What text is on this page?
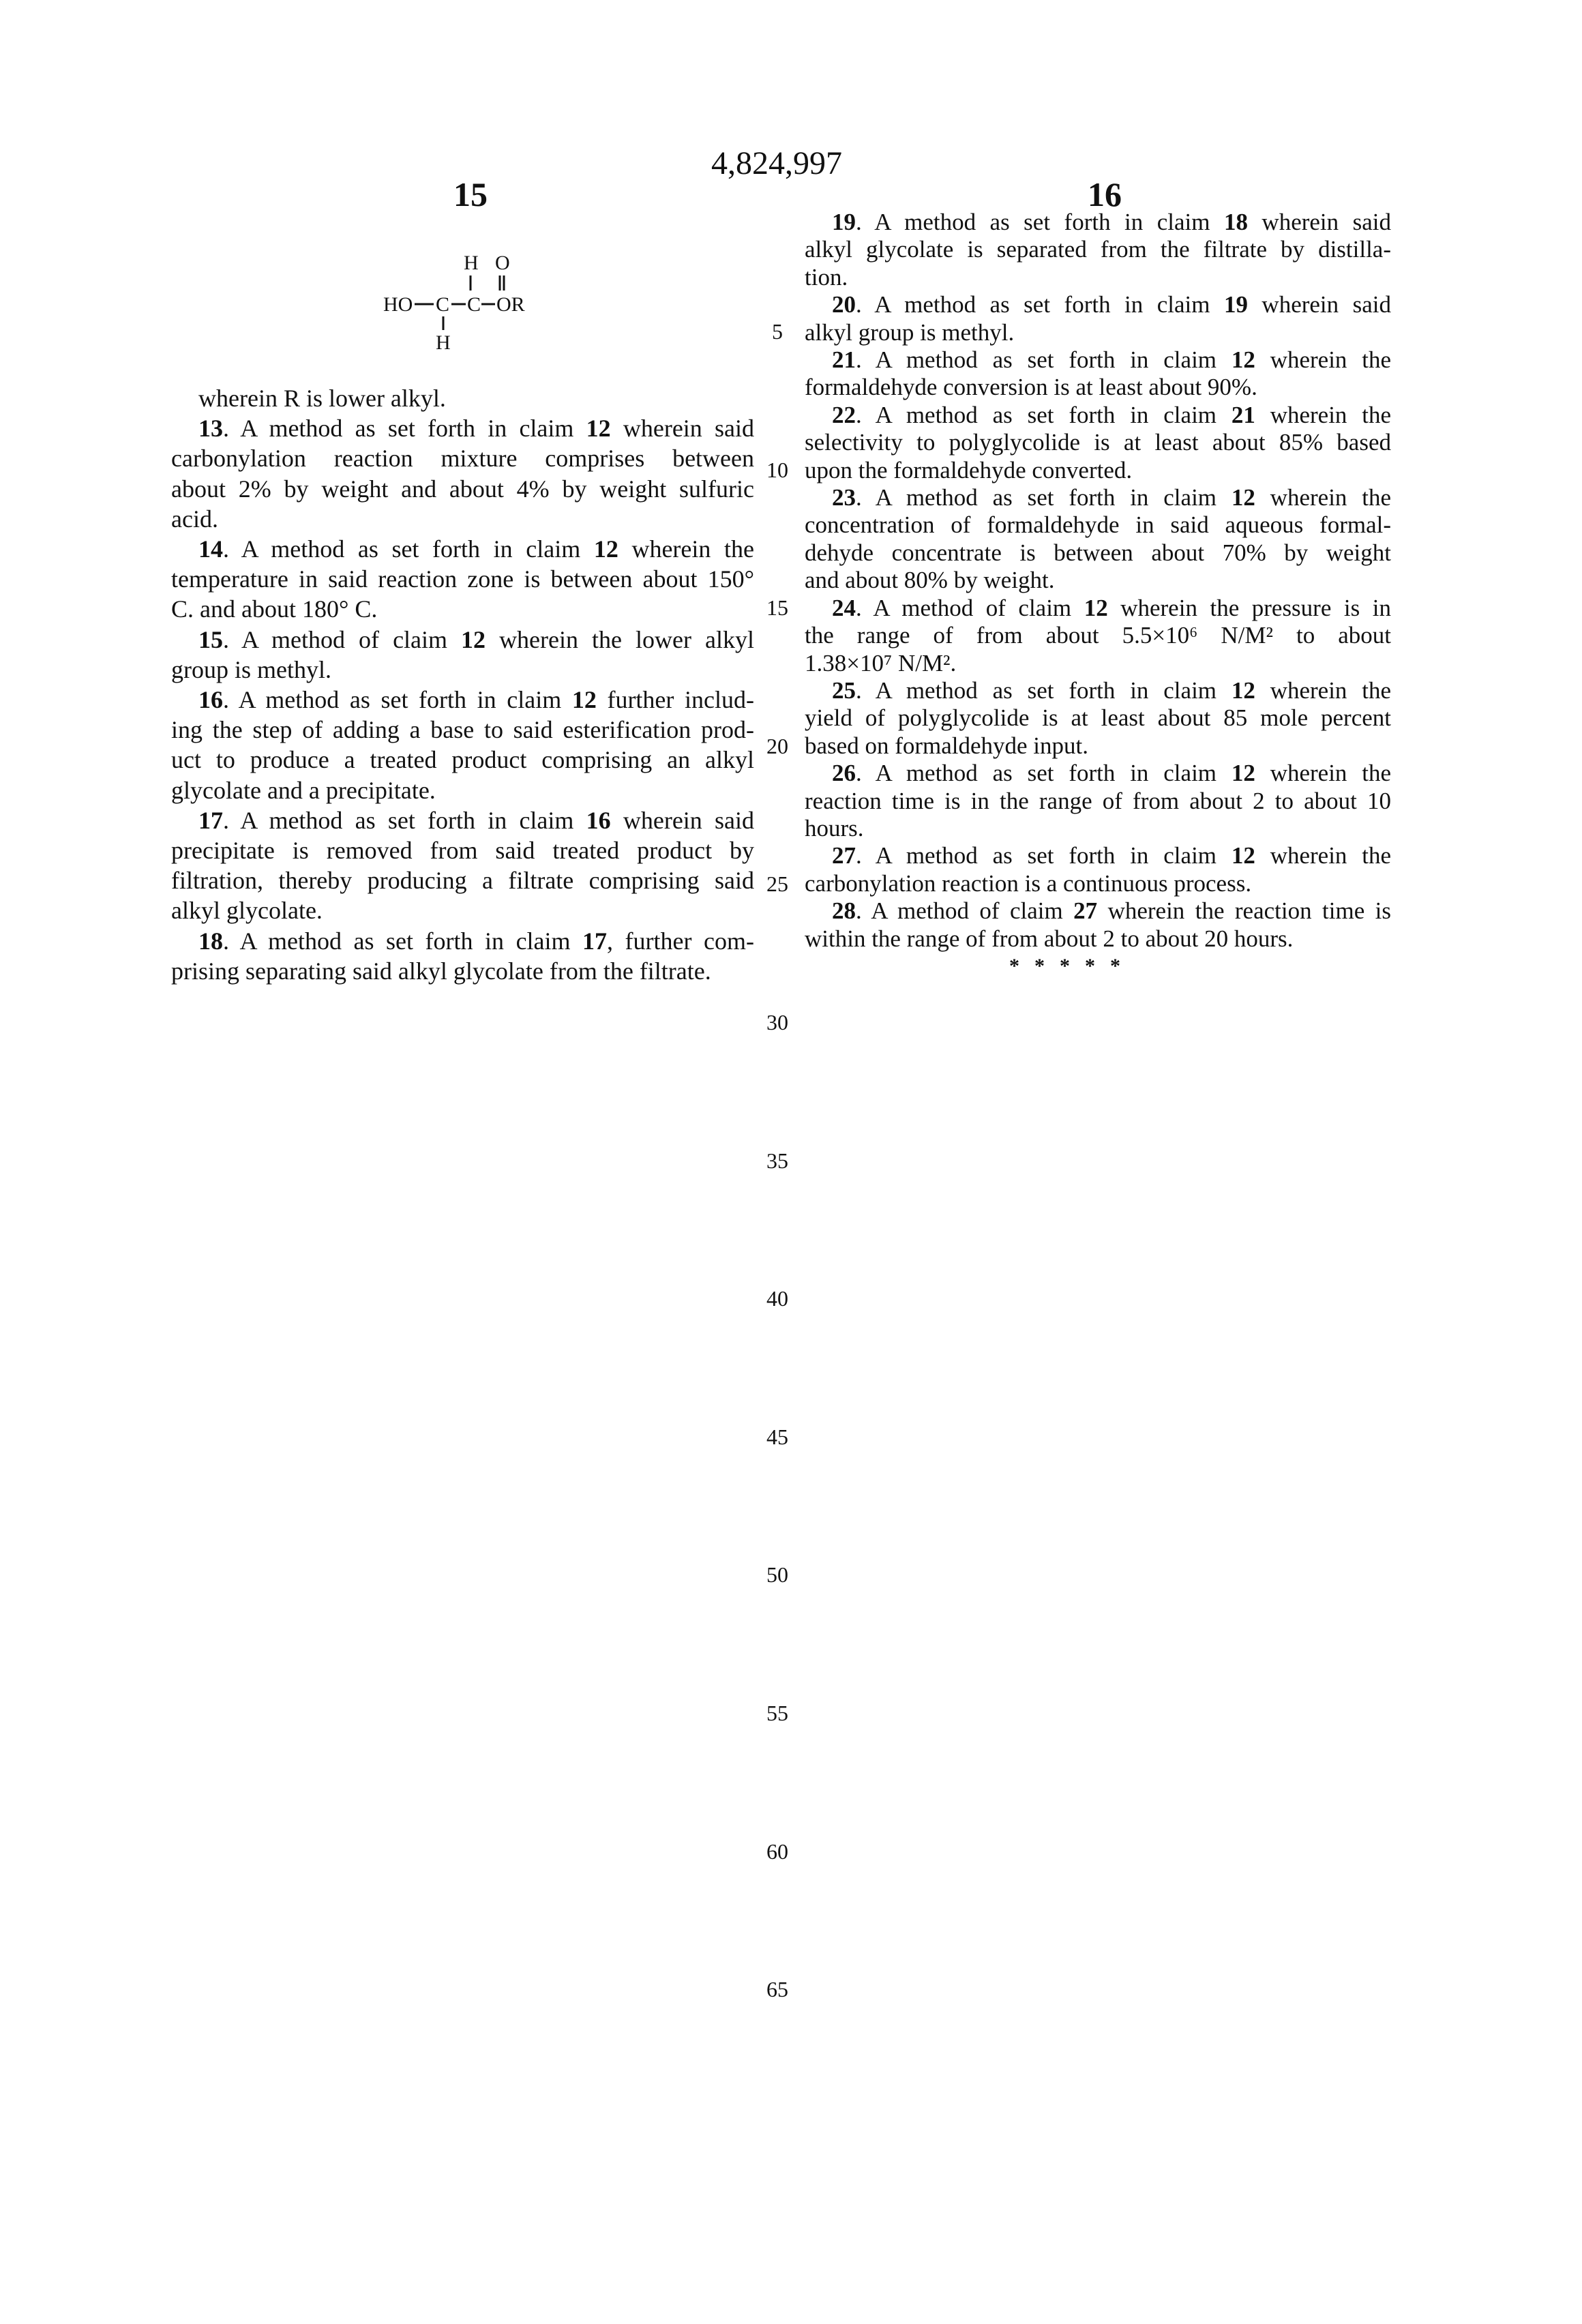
4,824,997
15	16
H O
HO C C OR
H
wherein R is lower alkyl.
13. A method as set forth in claim 12 wherein said
carbonylation reaction mixture comprises between
about 2% by weight and about 4% by weight sulfuric
acid.
14. A method as set forth in claim 12 wherein the
temperature in said reaction zone is between about 150°
C. and about 180° C.
15. A method of claim 12 wherein the lower alkyl
group is methyl.
16. A method as set forth in claim 12 further includ-
ing the step of adding a base to said esterification prod-
uct to produce a treated product comprising an alkyl
glycolate and a precipitate.
17. A method as set forth in claim 16 wherein said
precipitate is removed from said treated product by
filtration, thereby producing a filtrate comprising said
alkyl glycolate.
18. A method as set forth in claim 17, further com-
prising separating said alkyl glycolate from the filtrate.
19. A method as set forth in claim 18 wherein said
alkyl glycolate is separated from the filtrate by distilla-
tion.
20. A method as set forth in claim 19 wherein said
alkyl group is methyl.
21. A method as set forth in claim 12 wherein the
formaldehyde conversion is at least about 90%.
22. A method as set forth in claim 21 wherein the
selectivity to polyglycolide is at least about 85% based
upon the formaldehyde converted.
23. A method as set forth in claim 12 wherein the
concentration of formaldehyde in said aqueous formal-
dehyde concentrate is between about 70% by weight
and about 80% by weight.
24. A method of claim 12 wherein the pressure is in
the range of from about 5.5×10⁶ N/M² to about
1.38×10⁷ N/M².
25. A method as set forth in claim 12 wherein the
yield of polyglycolide is at least about 85 mole percent
based on formaldehyde input.
26. A method as set forth in claim 12 wherein the
reaction time is in the range of from about 2 to about 10
hours.
27. A method as set forth in claim 12 wherein the
carbonylation reaction is a continuous process.
28. A method of claim 27 wherein the reaction time is
within the range of from about 2 to about 20 hours.
5
10
15
20
25
30
35
40
45
50
55
60
65
*****
